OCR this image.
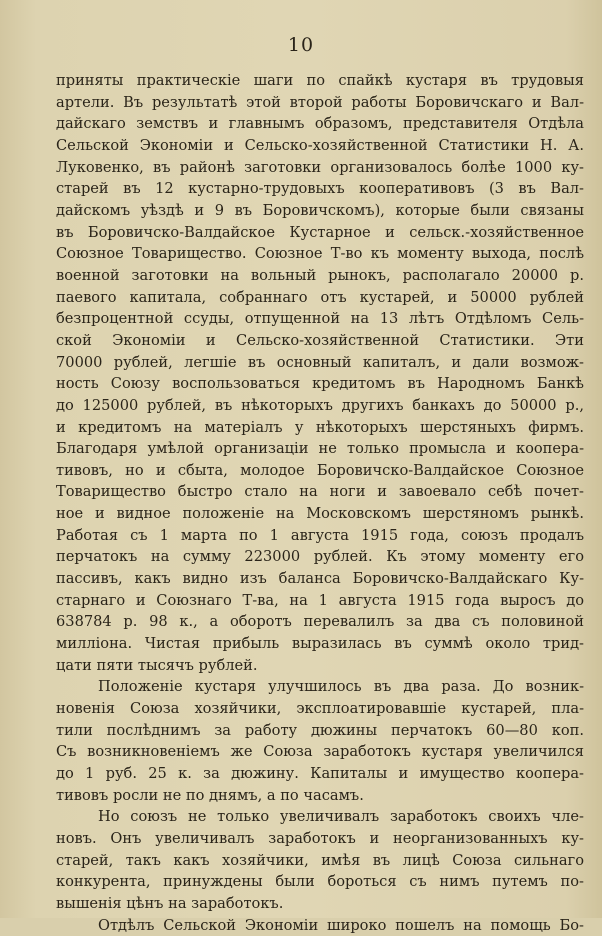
10
приняты практическіе шаги по спайкѣ кустаря въ трудовыя
артели. Въ результатѣ этой второй работы Боровичскаго и Вал-
дайскаго земствъ и главнымъ образомъ, представителя Отдѣла
Сельской Экономіи и Сельско-хозяйственной Статистики Н. А.
Луковенко, въ районѣ заготовки организовалось болѣе 1000 ку-
старей въ 12 кустарно-трудовыхъ кооперативовъ (3 въ Вал-
дайскомъ уѣздѣ и 9 въ Боровичскомъ), которые были связаны
въ Боровичско-Валдайское Кустарное и сельск.-хозяйственное
Союзное Товарищество. Союзное Т-во къ моменту выхода, послѣ
военной заготовки на вольный рынокъ, располагало 20000 р.
паевого капитала, собраннаго отъ кустарей, и 50000 рублей
безпроцентной ссуды, отпущенной на 13 лѣтъ Отдѣломъ Сель-
ской Экономіи и Сельско-хозяйственной Статистики. Эти
70000 рублей, легшіе въ основный капиталъ, и дали возмож-
ность Союзу воспользоваться кредитомъ въ Народномъ Банкѣ
до 125000 рублей, въ нѣкоторыхъ другихъ банкахъ до 50000 р.,
и кредитомъ на матеріалъ у нѣкоторыхъ шерстяныхъ фирмъ.
Благодаря умѣлой организаціи не только промысла и коопера-
тивовъ, но и сбыта, молодое Боровичско-Валдайское Союзное
Товарищество быстро стало на ноги и завоевало себѣ почет-
ное и видное положеніе на Московскомъ шерстяномъ рынкѣ.
Работая съ 1 марта по 1 августа 1915 года, союзъ продалъ
перчатокъ на сумму 223000 рублей. Къ этому моменту его
пассивъ, какъ видно изъ баланса Боровичско-Валдайскаго Ку-
старнаго и Союзнаго Т-ва, на 1 августа 1915 года выросъ до
638784 р. 98 к., а оборотъ перевалилъ за два съ половиной
милліона. Чистая прибыль выразилась въ суммѣ около трид-
цати пяти тысячъ рублей.
Положеніе кустаря улучшилось въ два раза. До возник-
новенія Союза хозяйчики, эксплоатировавшіе кустарей, пла-
тили послѣднимъ за работу дюжины перчатокъ 60—80 коп.
Съ возникновеніемъ же Союза заработокъ кустаря увеличился
до 1 руб. 25 к. за дюжину. Капиталы и имущество коопера-
тивовъ росли не по днямъ, а по часамъ.
Но союзъ не только увеличивалъ заработокъ своихъ чле-
новъ. Онъ увеличивалъ заработокъ и неорганизованныхъ ку-
старей, такъ какъ хозяйчики, имѣя въ лицѣ Союза сильнаго
конкурента, принуждены были бороться съ нимъ путемъ по-
вышенія цѣнъ на заработокъ.
Отдѣлъ Сельской Экономіи широко пошелъ на помощь Бо-
